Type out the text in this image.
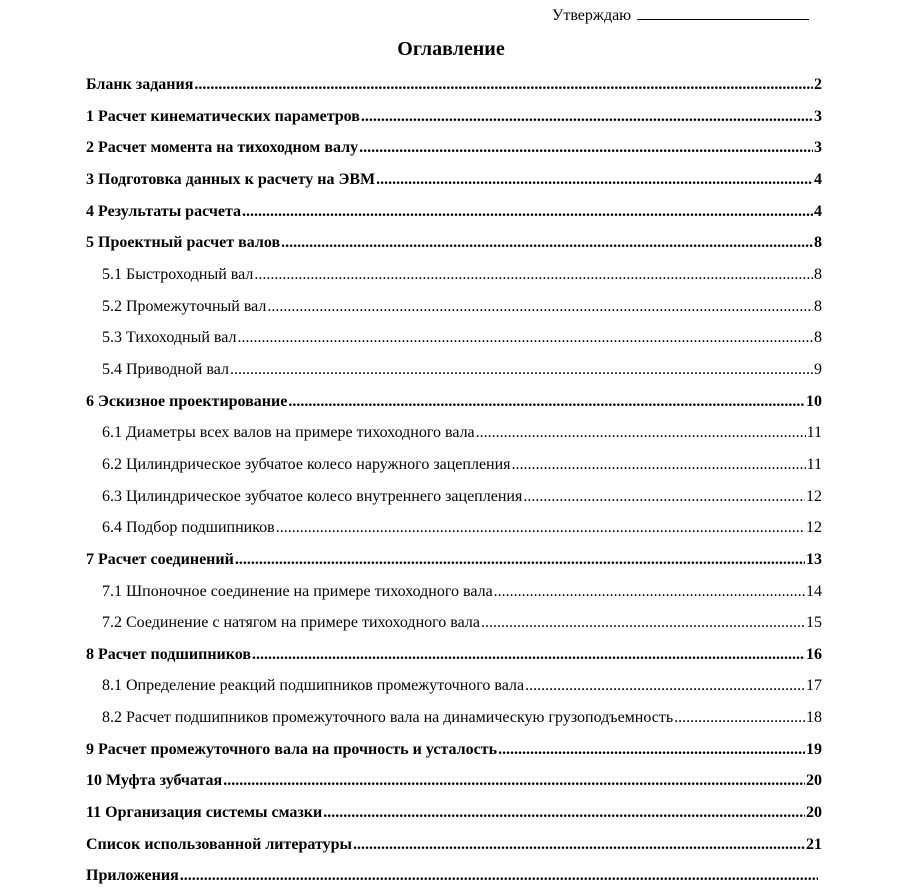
Утверждаю
Оглавление
Бланк задания .....	2
1 Расчет кинематических параметров .....	3
2 Расчет момента на тихоходном валу .....	3
3 Подготовка данных к расчету на ЭВМ .....	4
4 Результаты расчета .....	4
5 Проектный расчет валов .....	8
5.1 Быстроходный вал .....	8
5.2 Промежуточный вал .....	8
5.3 Тихоходный вал .....	8
5.4 Приводной вал .....	9
6 Эскизное проектирование .....	10
6.1 Диаметры всех валов на примере тихоходного вала .....	11
6.2 Цилиндрическое зубчатое колесо наружного зацепления .....	11
6.3 Цилиндрическое зубчатое колесо внутреннего зацепления .....	12
6.4 Подбор подшипников .....	12
7 Расчет соединений .....	13
7.1 Шпоночное соединение на примере тихоходного вала .....	14
7.2 Соединение с натягом на примере тихоходного вала .....	15
8 Расчет подшипников .....	16
8.1 Определение реакций подшипников промежуточного вала .....	17
8.2 Расчет подшипников промежуточного вала на динамическую грузоподъемность .....	18
9 Расчет промежуточного вала на прочность и усталость .....	19
10 Муфта зубчатая .....	20
11 Организация системы смазки .....	20
Список использованной литературы .....	21
Приложения
.....
